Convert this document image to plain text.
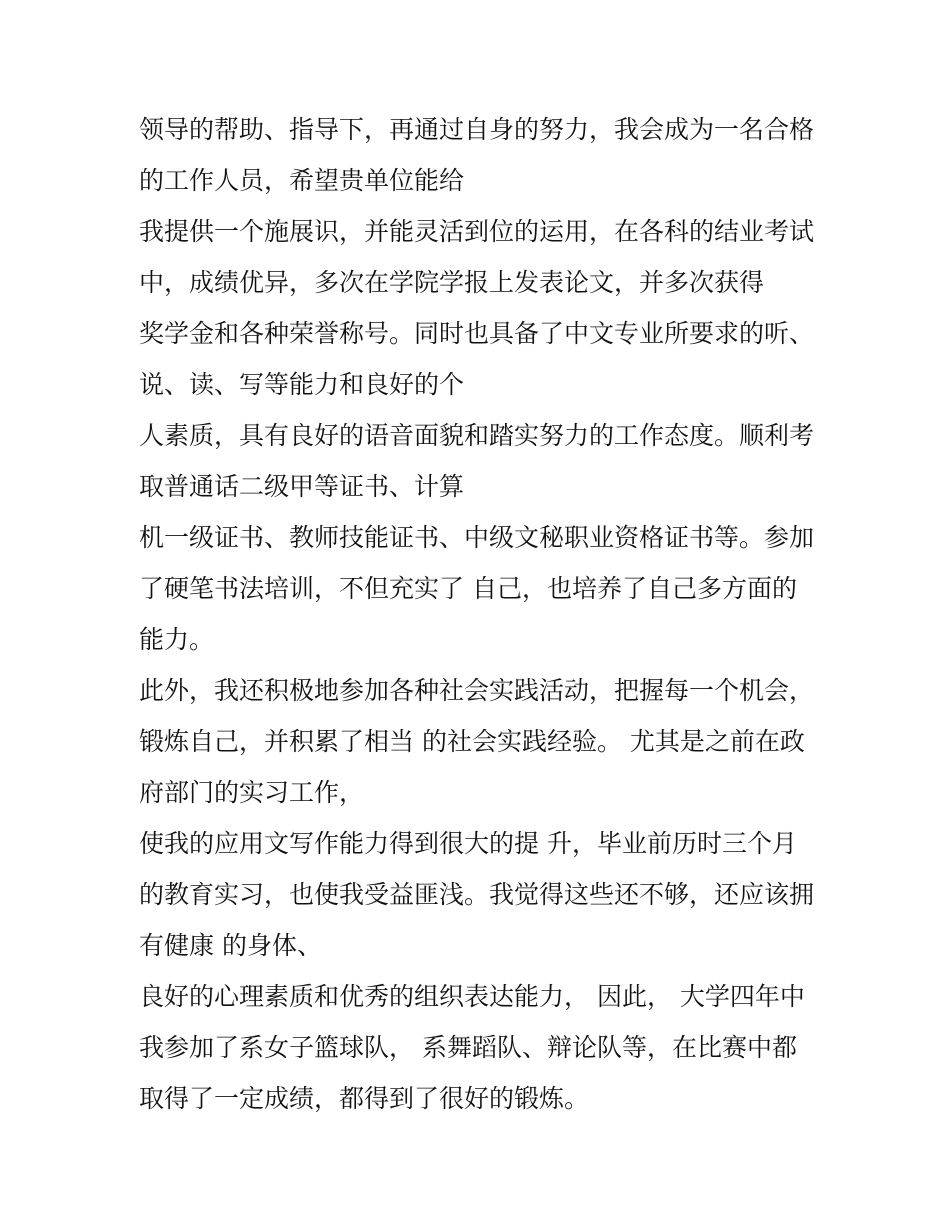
领导的帮助、指导下，再通过自身的努力，我会成为一名合格
的工作人员，希望贵单位能给
我提供一个施展识，并能灵活到位的运用，在各科的结业考试
中，成绩优异，多次在学院学报上发表论文，并多次获得
奖学金和各种荣誉称号。同时也具备了中文专业所要求的听、
说、读、写等能力和良好的个
人素质，具有良好的语音面貌和踏实努力的工作态度。顺利考
取普通话二级甲等证书、计算
机一级证书、教师技能证书、中级文秘职业资格证书等。参加
了硬笔书法培训，不但充实了 自己，也培养了自己多方面的
能力。
此外，我还积极地参加各种社会实践活动，把握每一个机会，
锻炼自己，并积累了相当 的社会实践经验。 尤其是之前在政
府部门的实习工作，
使我的应用文写作能力得到很大的提 升，毕业前历时三个月
的教育实习，也使我受益匪浅。我觉得这些还不够，还应该拥
有健康 的身体、
良好的心理素质和优秀的组织表达能力， 因此， 大学四年中
我参加了系女子篮球队， 系舞蹈队、辩论队等，在比赛中都
取得了一定成绩，都得到了很好的锻炼。
